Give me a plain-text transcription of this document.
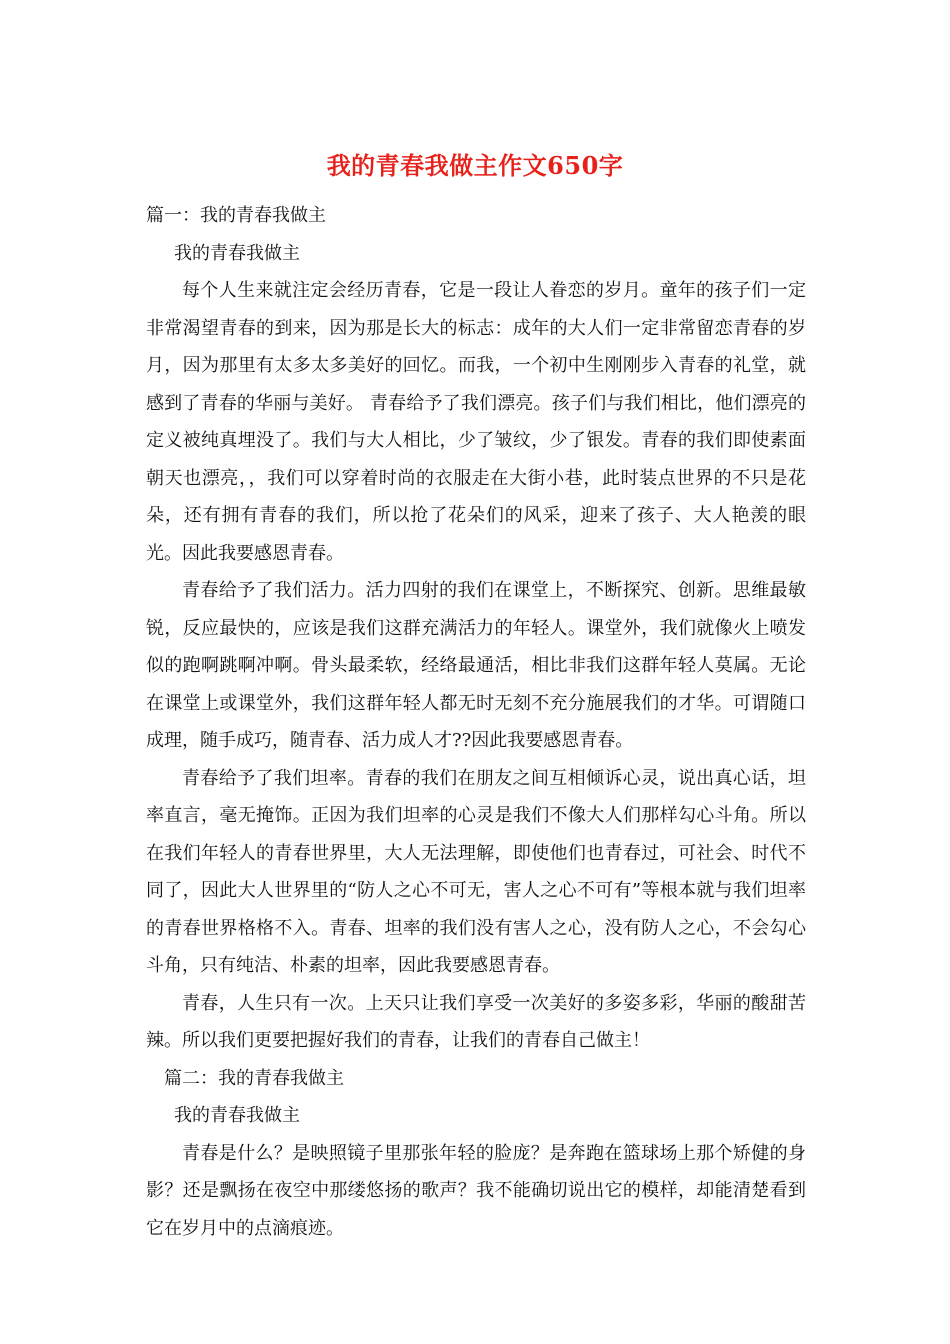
我的青春我做主作文650字
篇一：我的青春我做主
我的青春我做主
每个人生来就注定会经历青春，它是一段让人眷恋的岁月。童年的孩子们一定非常渴望青春的到来，因为那是长大的标志：成年的大人们一定非常留恋青春的岁月，因为那里有太多太多美好的回忆。而我，一个初中生刚刚步入青春的礼堂，就感到了青春的华丽与美好。 青春给予了我们漂亮。孩子们与我们相比，他们漂亮的定义被纯真埋没了。我们与大人相比，少了皱纹，少了银发。青春的我们即使素面朝天也漂亮，，我们可以穿着时尚的衣服走在大街小巷，此时装点世界的不只是花朵，还有拥有青春的我们，所以抢了花朵们的风采，迎来了孩子、大人艳羡的眼光。因此我要感恩青春。
青春给予了我们活力。活力四射的我们在课堂上，不断探究、创新。思维最敏锐，反应最快的，应该是我们这群充满活力的年轻人。课堂外，我们就像火上喷发似的跑啊跳啊冲啊。骨头最柔软，经络最通活，相比非我们这群年轻人莫属。无论在课堂上或课堂外，我们这群年轻人都无时无刻不充分施展我们的才华。可谓随口成理，随手成巧，随青春、活力成人才??因此我要感恩青春。
青春给予了我们坦率。青春的我们在朋友之间互相倾诉心灵，说出真心话，坦率直言，毫无掩饰。正因为我们坦率的心灵是我们不像大人们那样勾心斗角。所以在我们年轻人的青春世界里，大人无法理解，即使他们也青春过，可社会、时代不同了，因此大人世界里的“防人之心不可无，害人之心不可有”等根本就与我们坦率的青春世界格格不入。青春、坦率的我们没有害人之心，没有防人之心，不会勾心斗角，只有纯洁、朴素的坦率，因此我要感恩青春。
青春，人生只有一次。上天只让我们享受一次美好的多姿多彩，华丽的酸甜苦辣。所以我们更要把握好我们的青春，让我们的青春自己做主！
篇二：我的青春我做主
我的青春我做主
青春是什么？是映照镜子里那张年轻的脸庞？是奔跑在篮球场上那个矫健的身影？还是飘扬在夜空中那缕悠扬的歌声？我不能确切说出它的模样，却能清楚看到它在岁月中的点滴痕迹。
